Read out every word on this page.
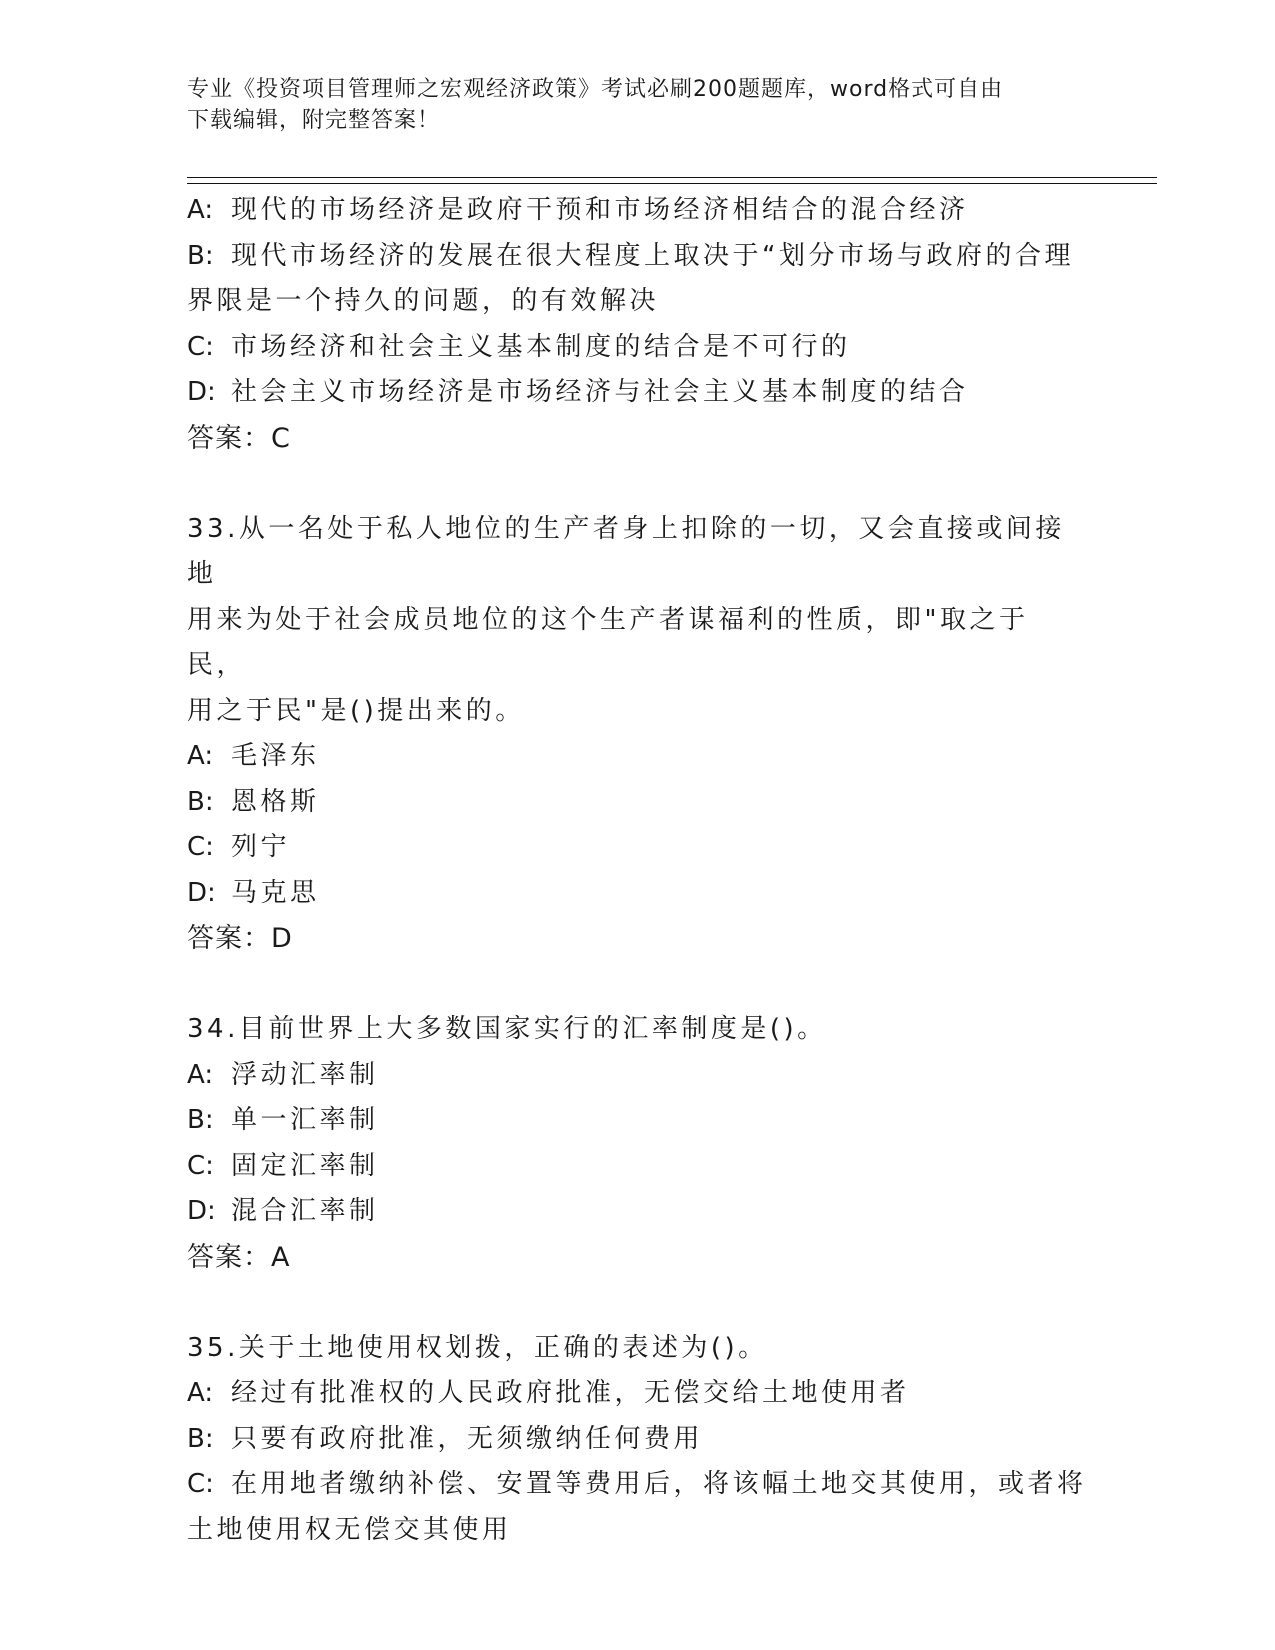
专业《投资项目管理师之宏观经济政策》考试必刷200题题库，word格式可自由
下载编辑，附完整答案！
A: 现代的市场经济是政府干预和市场经济相结合的混合经济
B: 现代市场经济的发展在很大程度上取决于“划分市场与政府的合理
界限是一个持久的问题，的有效解决
C: 市场经济和社会主义基本制度的结合是不可行的
D: 社会主义市场经济是市场经济与社会主义基本制度的结合
答案：C
33.从一名处于私人地位的生产者身上扣除的一切，又会直接或间接地
用来为处于社会成员地位的这个生产者谋福利的性质，即"取之于民，
用之于民"是()提出来的。
A: 毛泽东
B: 恩格斯
C: 列宁
D: 马克思
答案：D
34.目前世界上大多数国家实行的汇率制度是()。
A: 浮动汇率制
B: 单一汇率制
C: 固定汇率制
D: 混合汇率制
答案：A
35.关于土地使用权划拨，正确的表述为()。
A: 经过有批准权的人民政府批准，无偿交给土地使用者
B: 只要有政府批准，无须缴纳任何费用
C: 在用地者缴纳补偿、安置等费用后，将该幅土地交其使用，或者将
土地使用权无偿交其使用
